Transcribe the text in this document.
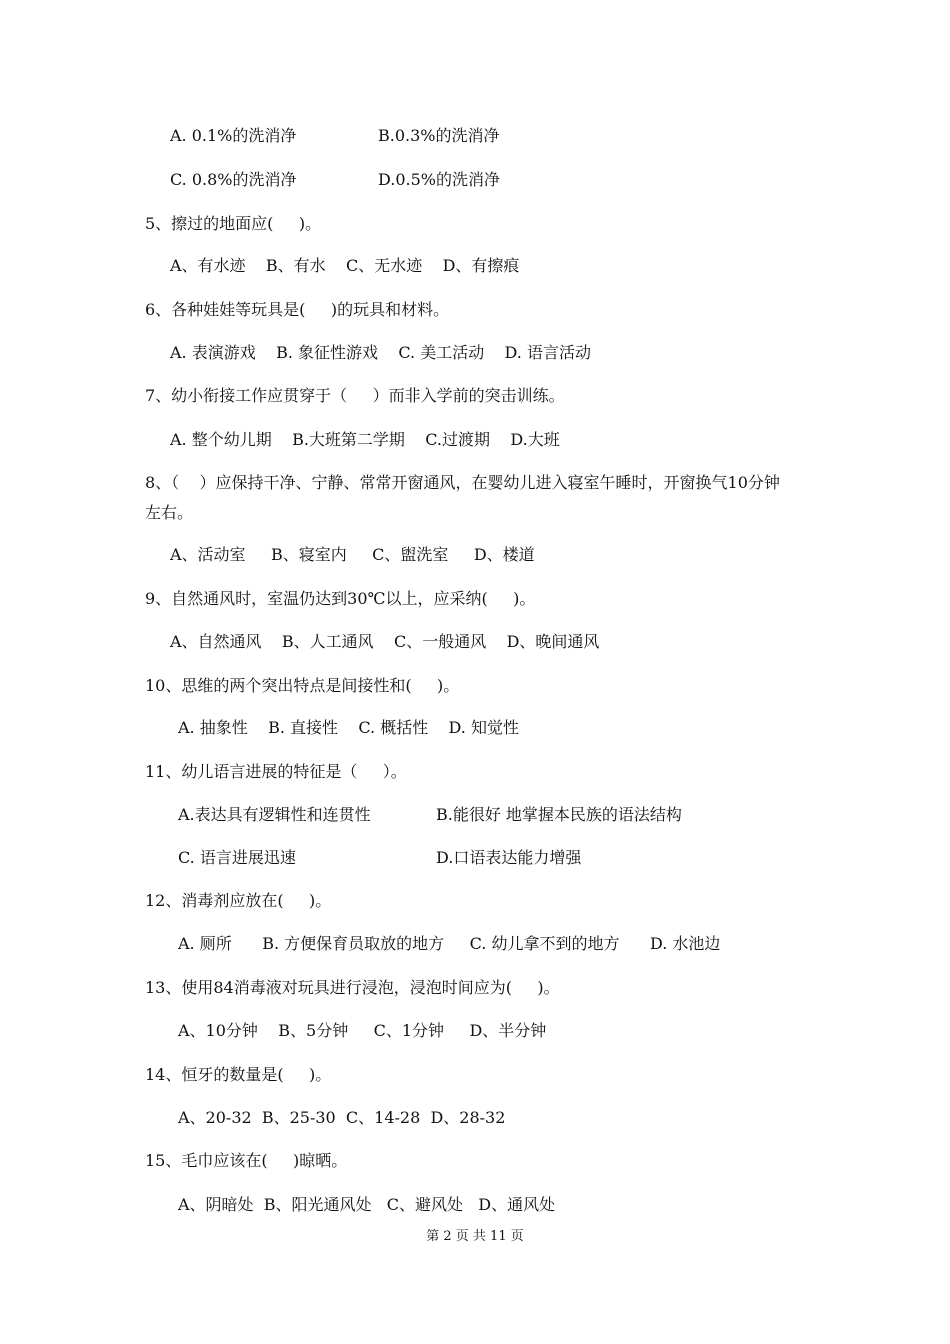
A. 0.1%的洗消净	B.0.3%的洗消净
C. 0.8%的洗消净	D.0.5%的洗消净
5、擦过的地面应(     )。
A、有水迹    B、有水    C、无水迹    D、有擦痕
6、各种娃娃等玩具是(     )的玩具和材料。
A. 表演游戏    B. 象征性游戏    C. 美工活动    D. 语言活动
7、幼小衔接工作应贯穿于（     ）而非入学前的突击训练。
A. 整个幼儿期    B.大班第二学期    C.过渡期    D.大班
8、（    ）应保持干净、宁静、常常开窗通风，在婴幼儿进入寝室午睡时，开窗换气10分钟
左右。
A、活动室     B、寝室内     C、盥洗室     D、楼道
9、自然通风时，室温仍达到30℃以上，应采纳(     )。
A、自然通风    B、人工通风    C、一般通风    D、晚间通风
10、思维的两个突出特点是间接性和(     )。
A. 抽象性    B. 直接性    C. 概括性    D. 知觉性
11、幼儿语言进展的特征是（     ）。
A.表达具有逻辑性和连贯性	B.能很好 地掌握本民族的语法结构
C. 语言进展迅速	D.口语表达能力增强
12、消毒剂应放在(     )。
A. 厕所      B. 方便保育员取放的地方     C. 幼儿拿不到的地方      D. 水池边
13、使用84消毒液对玩具进行浸泡，浸泡时间应为(     )。
A、10分钟    B、5分钟     C、1分钟     D、半分钟
14、恒牙的数量是(     )。
A、20-32  B、25-30  C、14-28  D、28-32
15、毛巾应该在(     )晾晒。
A、阴暗处  B、阳光通风处   C、避风处   D、通风处
第 2 页 共 11 页
